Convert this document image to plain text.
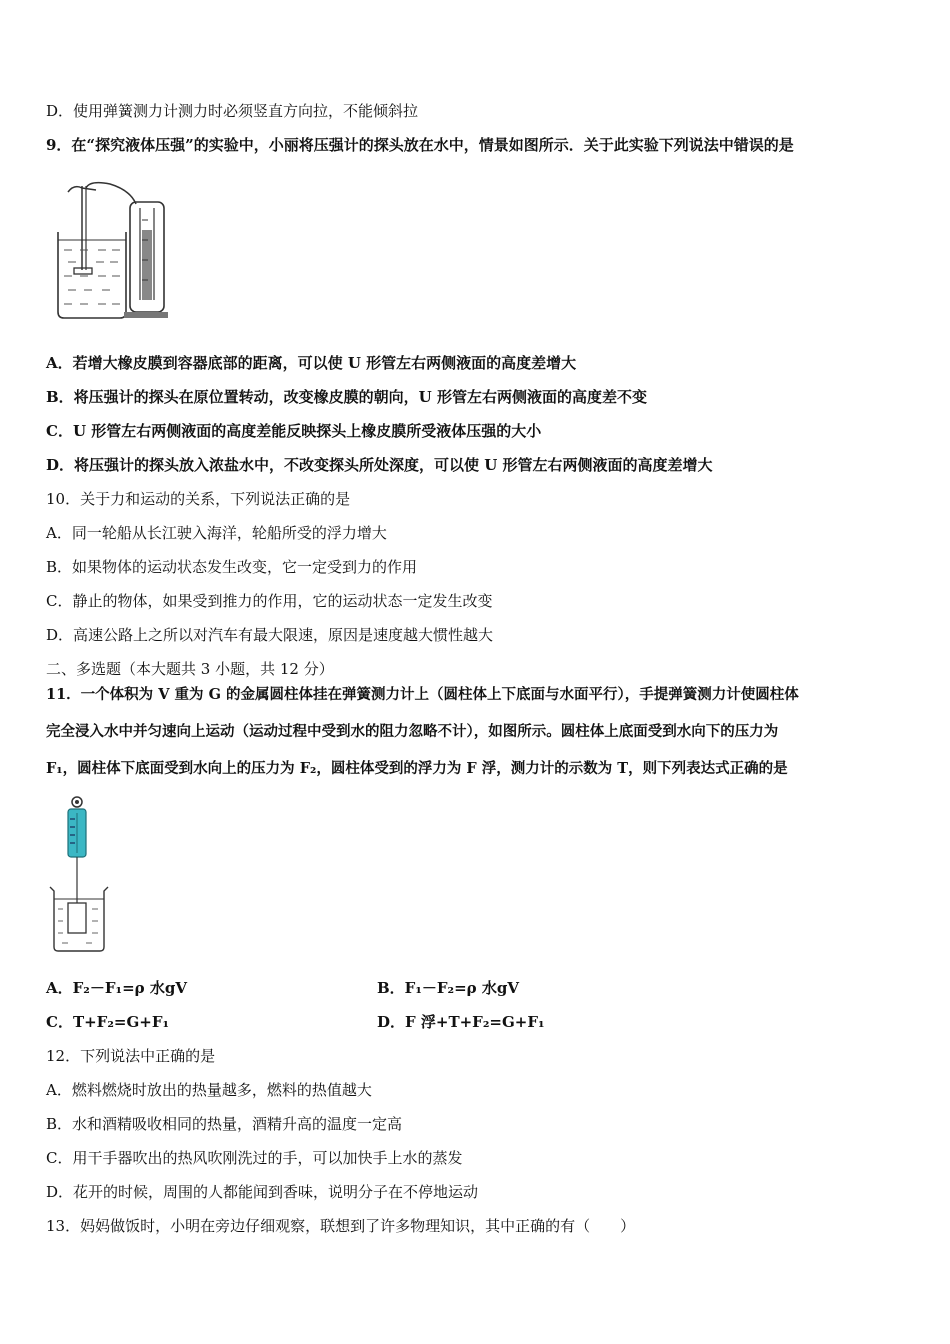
D．使用弹簧测力计测力时必须竖直方向拉，不能倾斜拉
9．在“探究液体压强”的实验中，小丽将压强计的探头放在水中，情景如图所示．关于此实验下列说法中错误的是
A．若增大橡皮膜到容器底部的距离，可以使 U 形管左右两侧液面的高度差增大
B．将压强计的探头在原位置转动，改变橡皮膜的朝向，U 形管左右两侧液面的高度差不变
C．U 形管左右两侧液面的高度差能反映探头上橡皮膜所受液体压强的大小
D．将压强计的探头放入浓盐水中，不改变探头所处深度，可以使 U 形管左右两侧液面的高度差增大
10．关于力和运动的关系，下列说法正确的是
A．同一轮船从长江驶入海洋，轮船所受的浮力增大
B．如果物体的运动状态发生改变，它一定受到力的作用
C．静止的物体，如果受到推力的作用，它的运动状态一定发生改变
D．高速公路上之所以对汽车有最大限速，原因是速度越大惯性越大
二、多选题（本大题共 3 小题，共 12 分）
11．一个体积为 V 重为 G 的金属圆柱体挂在弹簧测力计上（圆柱体上下底面与水面平行），手提弹簧测力计使圆柱体
完全浸入水中并匀速向上运动（运动过程中受到水的阻力忽略不计），如图所示。圆柱体上底面受到水向下的压力为
F₁，圆柱体下底面受到水向上的压力为 F₂，圆柱体受到的浮力为 F 浮，测力计的示数为 T，则下列表达式正确的是
A．F₂－F₁=ρ 水gV	B．F₁－F₂=ρ 水gV
C．T+F₂=G+F₁	D．F 浮+T+F₂=G+F₁
12．下列说法中正确的是
A．燃料燃烧时放出的热量越多，燃料的热值越大
B．水和酒精吸收相同的热量，酒精升高的温度一定高
C．用干手器吹出的热风吹刚洗过的手，可以加快手上水的蒸发
D．花开的时候，周围的人都能闻到香味，说明分子在不停地运动
13．妈妈做饭时，小明在旁边仔细观察，联想到了许多物理知识，其中正确的有（　　）
